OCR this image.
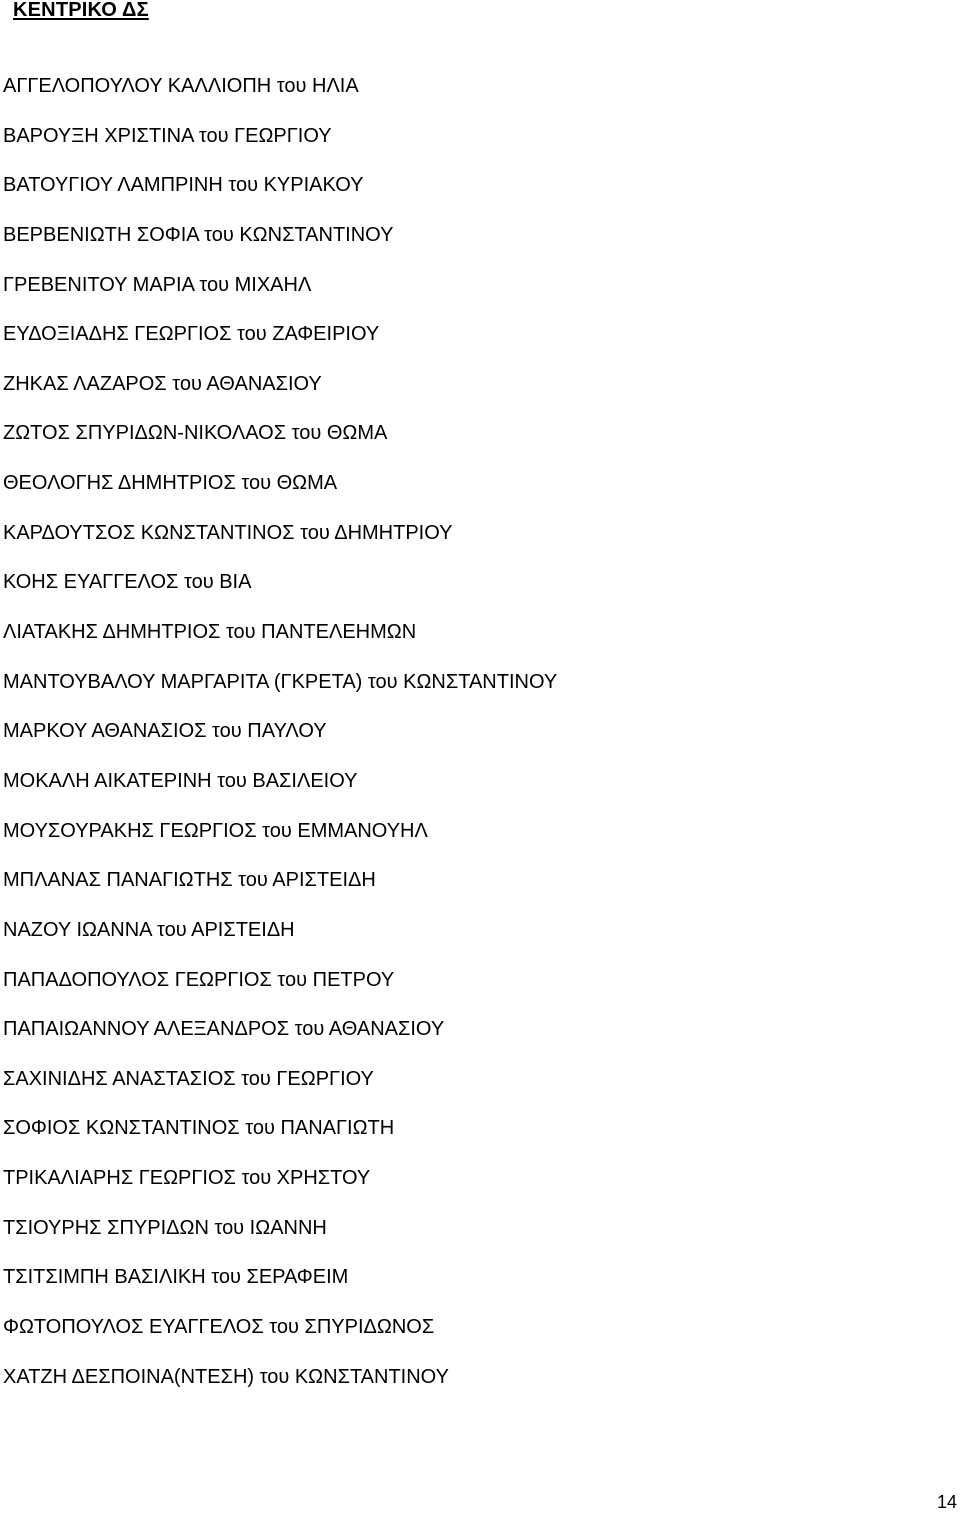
ΚΕΝΤΡΙΚΟ ΔΣ
ΑΓΓΕΛΟΠΟΥΛΟΥ ΚΑΛΛΙΟΠΗ του ΗΛΙΑ
ΒΑΡΟΥΞΗ ΧΡΙΣΤΙΝΑ του ΓΕΩΡΓΙΟΥ
ΒΑΤΟΥΓΙΟΥ ΛΑΜΠΡΙΝΗ του ΚΥΡΙΑΚΟΥ
ΒΕΡΒΕΝΙΩΤΗ ΣΟΦΙΑ του ΚΩΝΣΤΑΝΤΙΝΟΥ
ΓΡΕΒΕΝΙΤΟΥ ΜΑΡΙΑ του ΜΙΧΑΗΛ
ΕΥΔΟΞΙΑΔΗΣ ΓΕΩΡΓΙΟΣ του ΖΑΦΕΙΡΙΟΥ
ΖΗΚΑΣ ΛΑΖΑΡΟΣ του ΑΘΑΝΑΣΙΟΥ
ΖΩΤΟΣ ΣΠΥΡΙΔΩΝ-ΝΙΚΟΛΑΟΣ του ΘΩΜΑ
ΘΕΟΛΟΓΗΣ ΔΗΜΗΤΡΙΟΣ του ΘΩΜΑ
ΚΑΡΔΟΥΤΣΟΣ ΚΩΝΣΤΑΝΤΙΝΟΣ του ΔΗΜΗΤΡΙΟΥ
ΚΟΗΣ ΕΥΑΓΓΕΛΟΣ του ΒΙΑ
ΛΙΑΤΑΚΗΣ ΔΗΜΗΤΡΙΟΣ του ΠΑΝΤΕΛΕΗΜΩΝ
ΜΑΝΤΟΥΒΑΛΟΥ ΜΑΡΓΑΡΙΤΑ (ΓΚΡΕΤΑ) του ΚΩΝΣΤΑΝΤΙΝΟΥ
ΜΑΡΚΟΥ ΑΘΑΝΑΣΙΟΣ του ΠΑΥΛΟΥ
ΜΟΚΑΛΗ ΑΙΚΑΤΕΡΙΝΗ του ΒΑΣΙΛΕΙΟΥ
ΜΟΥΣΟΥΡΑΚΗΣ ΓΕΩΡΓΙΟΣ του ΕΜΜΑΝΟΥΗΛ
ΜΠΛΑΝΑΣ ΠΑΝΑΓΙΩΤΗΣ του ΑΡΙΣΤΕΙΔΗ
ΝΑΖΟΥ ΙΩΑΝΝΑ του ΑΡΙΣΤΕΙΔΗ
ΠΑΠΑΔΟΠΟΥΛΟΣ ΓΕΩΡΓΙΟΣ του ΠΕΤΡΟΥ
ΠΑΠΑΙΩΑΝΝΟΥ ΑΛΕΞΑΝΔΡΟΣ του ΑΘΑΝΑΣΙΟΥ
ΣΑΧΙΝΙΔΗΣ ΑΝΑΣΤΑΣΙΟΣ του ΓΕΩΡΓΙΟΥ
ΣΟΦΙΟΣ ΚΩΝΣΤΑΝΤΙΝΟΣ του ΠΑΝΑΓΙΩΤΗ
ΤΡΙΚΑΛΙΑΡΗΣ ΓΕΩΡΓΙΟΣ του ΧΡΗΣΤΟΥ
ΤΣΙΟΥΡΗΣ ΣΠΥΡΙΔΩΝ του ΙΩΑΝΝΗ
ΤΣΙΤΣΙΜΠΗ ΒΑΣΙΛΙΚΗ του ΣΕΡΑΦΕΙΜ
ΦΩΤΟΠΟΥΛΟΣ ΕΥΑΓΓΕΛΟΣ του ΣΠΥΡΙΔΩΝΟΣ
ΧΑΤΖΗ ΔΕΣΠΟΙΝΑ(ΝΤΕΣΗ) του ΚΩΝΣΤΑΝΤΙΝΟΥ
14
